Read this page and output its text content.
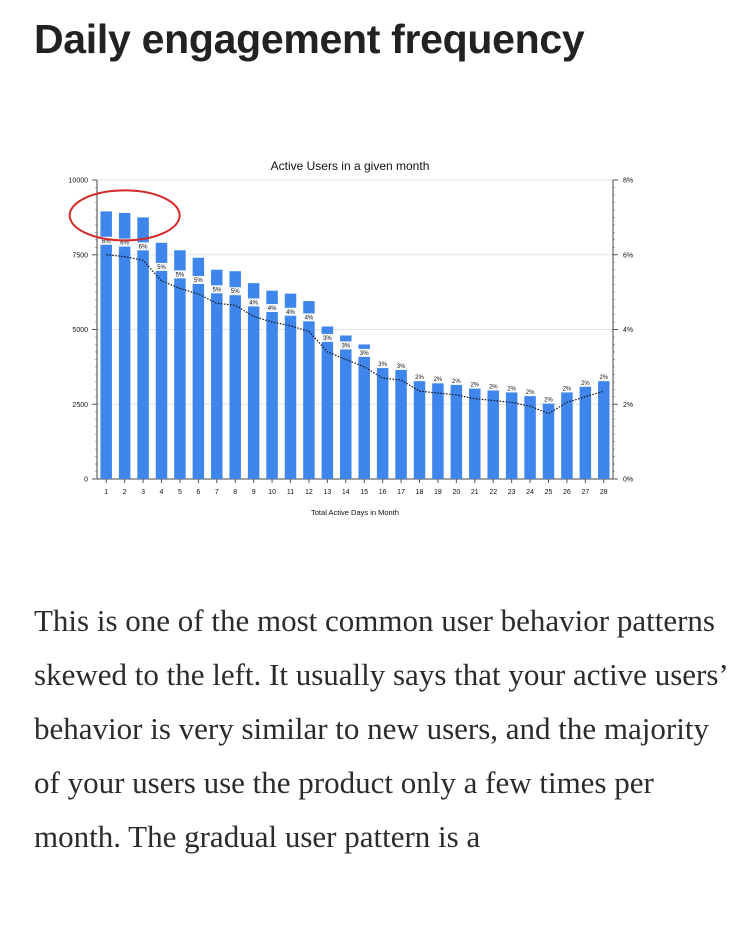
Daily engagement frequency
Active Users in a given month
Total Active Days in Month
0
2500
5000
7500
10000
0%
2%
4%
6%
8%
1 2 3 4 5 6 7 8 9 10 11 12 13 14 15 16 17 18 19 20 21 22 23 24 25 26 27 28
6% 6%
6%
5%
5%
5%
5% 5%
4%
4%
4%
4%
3%
3%
3%
3% 3%
2% 2% 2%
2% 2% 2%
2%
2%
2%
2%
2%

This is one of the most common user behavior patterns skewed to the left. It usually says that your active users’ behavior is very similar to new users, and the majority of your users use the product only a few times per month. The gradual user pattern is a
